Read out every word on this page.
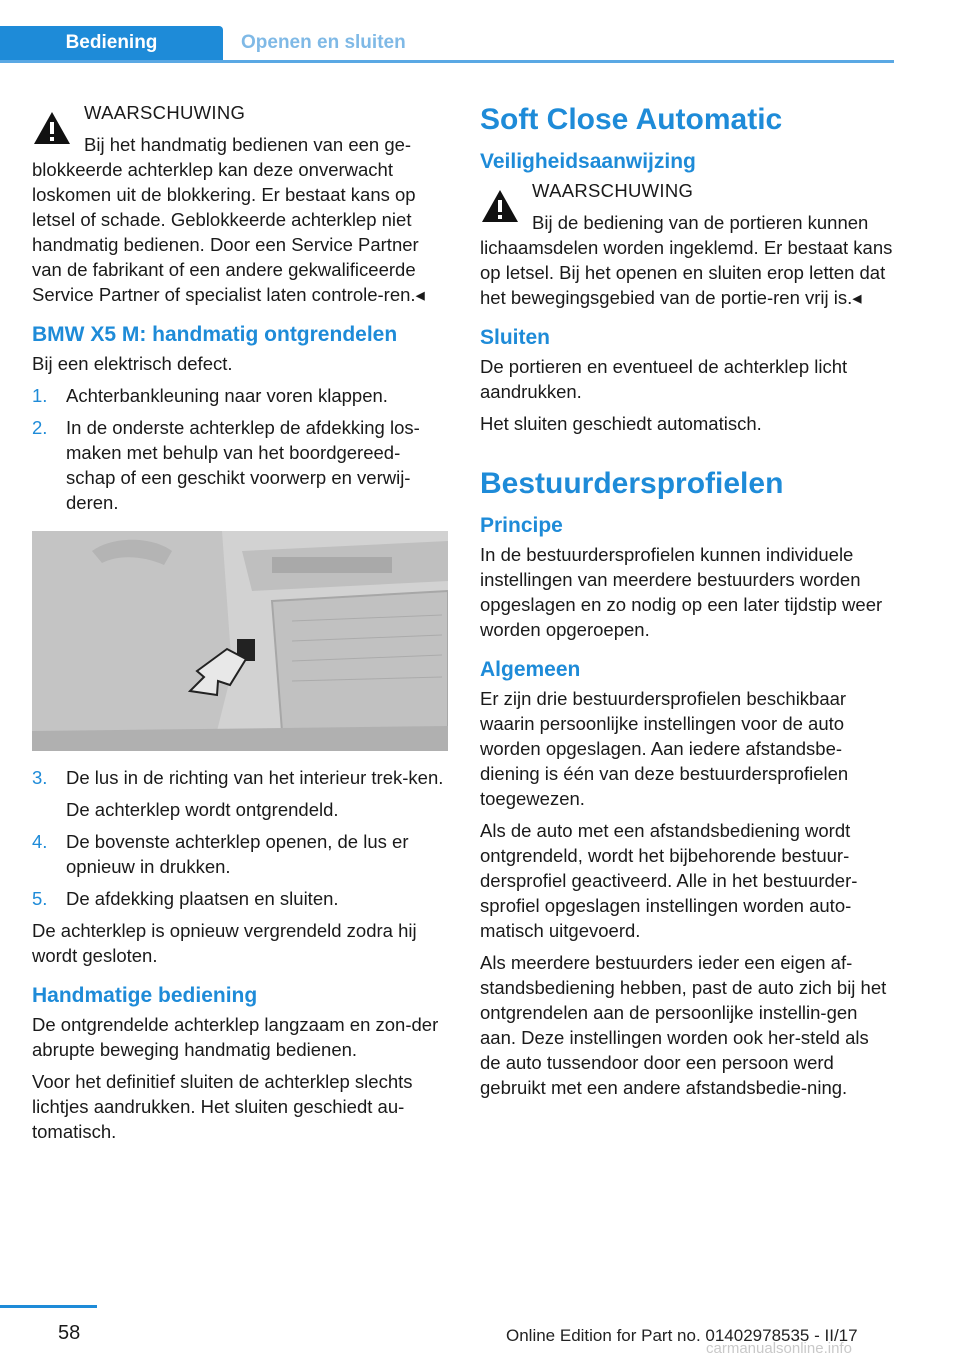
Bediening	Openen en sluiten

WAARSCHUWING

Bij het handmatig bedienen van een ge-
blokkeerde achterklep kan deze onverwacht loskomen uit de blokkering. Er bestaat kans op letsel of schade. Geblokkeerde achterklep niet handmatig bedienen. Door een Service Partner van de fabrikant of een andere gekwalificeerde Service Partner of specialist laten controle-ren.◂

BMW X5 M: handmatig ontgrendelen

Bij een elektrisch defect.

1. Achterbankleuning naar voren klappen.
2. In de onderste achterklep de afdekking los-maken met behulp van het boordgereed-schap of een geschikt voorwerp en verwij-deren.
3. De lus in de richting van het interieur trek-ken.
De achterklep wordt ontgrendeld.
4. De bovenste achterklep openen, de lus er opnieuw in drukken.
5. De afdekking plaatsen en sluiten.

De achterklep is opnieuw vergrendeld zodra hij wordt gesloten.

Handmatige bediening

De ontgrendelde achterklep langzaam en zon-der abrupte beweging handmatig bedienen.

Voor het definitief sluiten de achterklep slechts lichtjes aandrukken. Het sluiten geschiedt au-tomatisch.

Soft Close Automatic
Veiligheidsaanwijzing

WAARSCHUWING

Bij de bediening van de portieren kunnen
lichaamsdelen worden ingeklemd. Er bestaat kans op letsel. Bij het openen en sluiten erop letten dat het bewegingsgebied van de portie-ren vrij is.◂

Sluiten

De portieren en eventueel de achterklep licht aandrukken.

Het sluiten geschiedt automatisch.

Bestuurdersprofielen
Principe

In de bestuurdersprofielen kunnen individuele instellingen van meerdere bestuurders worden opgeslagen en zo nodig op een later tijdstip weer worden opgeroepen.

Algemeen

Er zijn drie bestuurdersprofielen beschikbaar waarin persoonlijke instellingen voor de auto worden opgeslagen. Aan iedere afstandsbe-diening is één van deze bestuurdersprofielen toegewezen.

Als de auto met een afstandsbediening wordt ontgrendeld, wordt het bijbehorende bestuur-dersprofiel geactiveerd. Alle in het bestuurder-sprofiel opgeslagen instellingen worden auto-matisch uitgevoerd.

Als meerdere bestuurders ieder een eigen af-standsbediening hebben, past de auto zich bij het ontgrendelen aan de persoonlijke instellin-gen aan. Deze instellingen worden ook her-steld als de auto tussendoor door een persoon werd gebruikt met een andere afstandsbedie-ning.

58	Online Edition for Part no. 01402978535 - II/17
carmanualsonline.info
